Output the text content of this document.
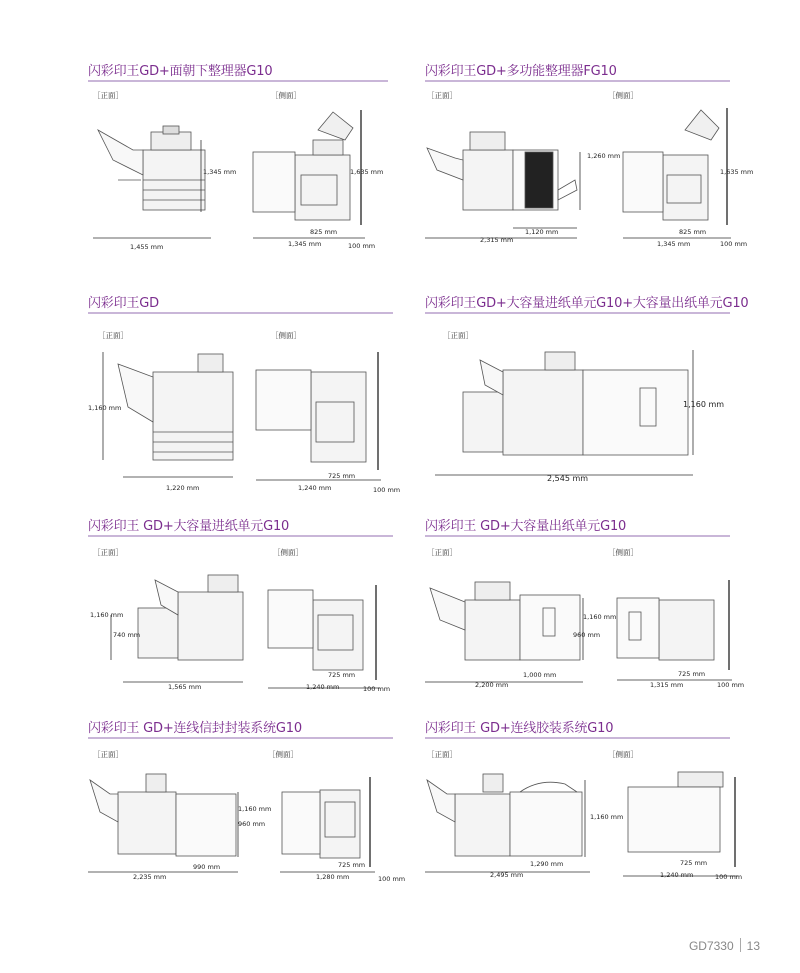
闪彩印王GD+面朝下整理器G10
［正面］	［侧面］
1,345 mm
1,455 mm
1,635 mm
825 mm
1,345 mm	100 mm
闪彩印王GD+多功能整理器FG10
［正面］	［侧面］
1,260 mm
1,120 mm
2,315 mm
1,635 mm
825 mm
1,345 mm	100 mm
闪彩印王GD
［正面］	［侧面］
1,160 mm
1,220 mm
725 mm
1,240 mm	100 mm
闪彩印王GD+大容量进纸单元G10+大容量出纸单元G10
［正面］
1,160 mm
2,545 mm
闪彩印王 GD+大容量进纸单元G10
［正面］	［侧面］
1,160 mm
740 mm
1,565 mm
725 mm
1,240 mm	100 mm
闪彩印王 GD+大容量出纸单元G10
［正面］	［侧面］
1,160 mm
960 mm
1,000 mm
2,200 mm
725 mm
1,315 mm	100 mm
闪彩印王 GD+连线信封封装系统G10
［正面］	［侧面］
1,160 mm
960 mm
990 mm
2,235 mm
725 mm
1,280 mm	100 mm
闪彩印王 GD+连线胶装系统G10
［正面］	［侧面］
1,160 mm
1,290 mm
2,495 mm
725 mm
1,240 mm	100 mm
GD7330 13
